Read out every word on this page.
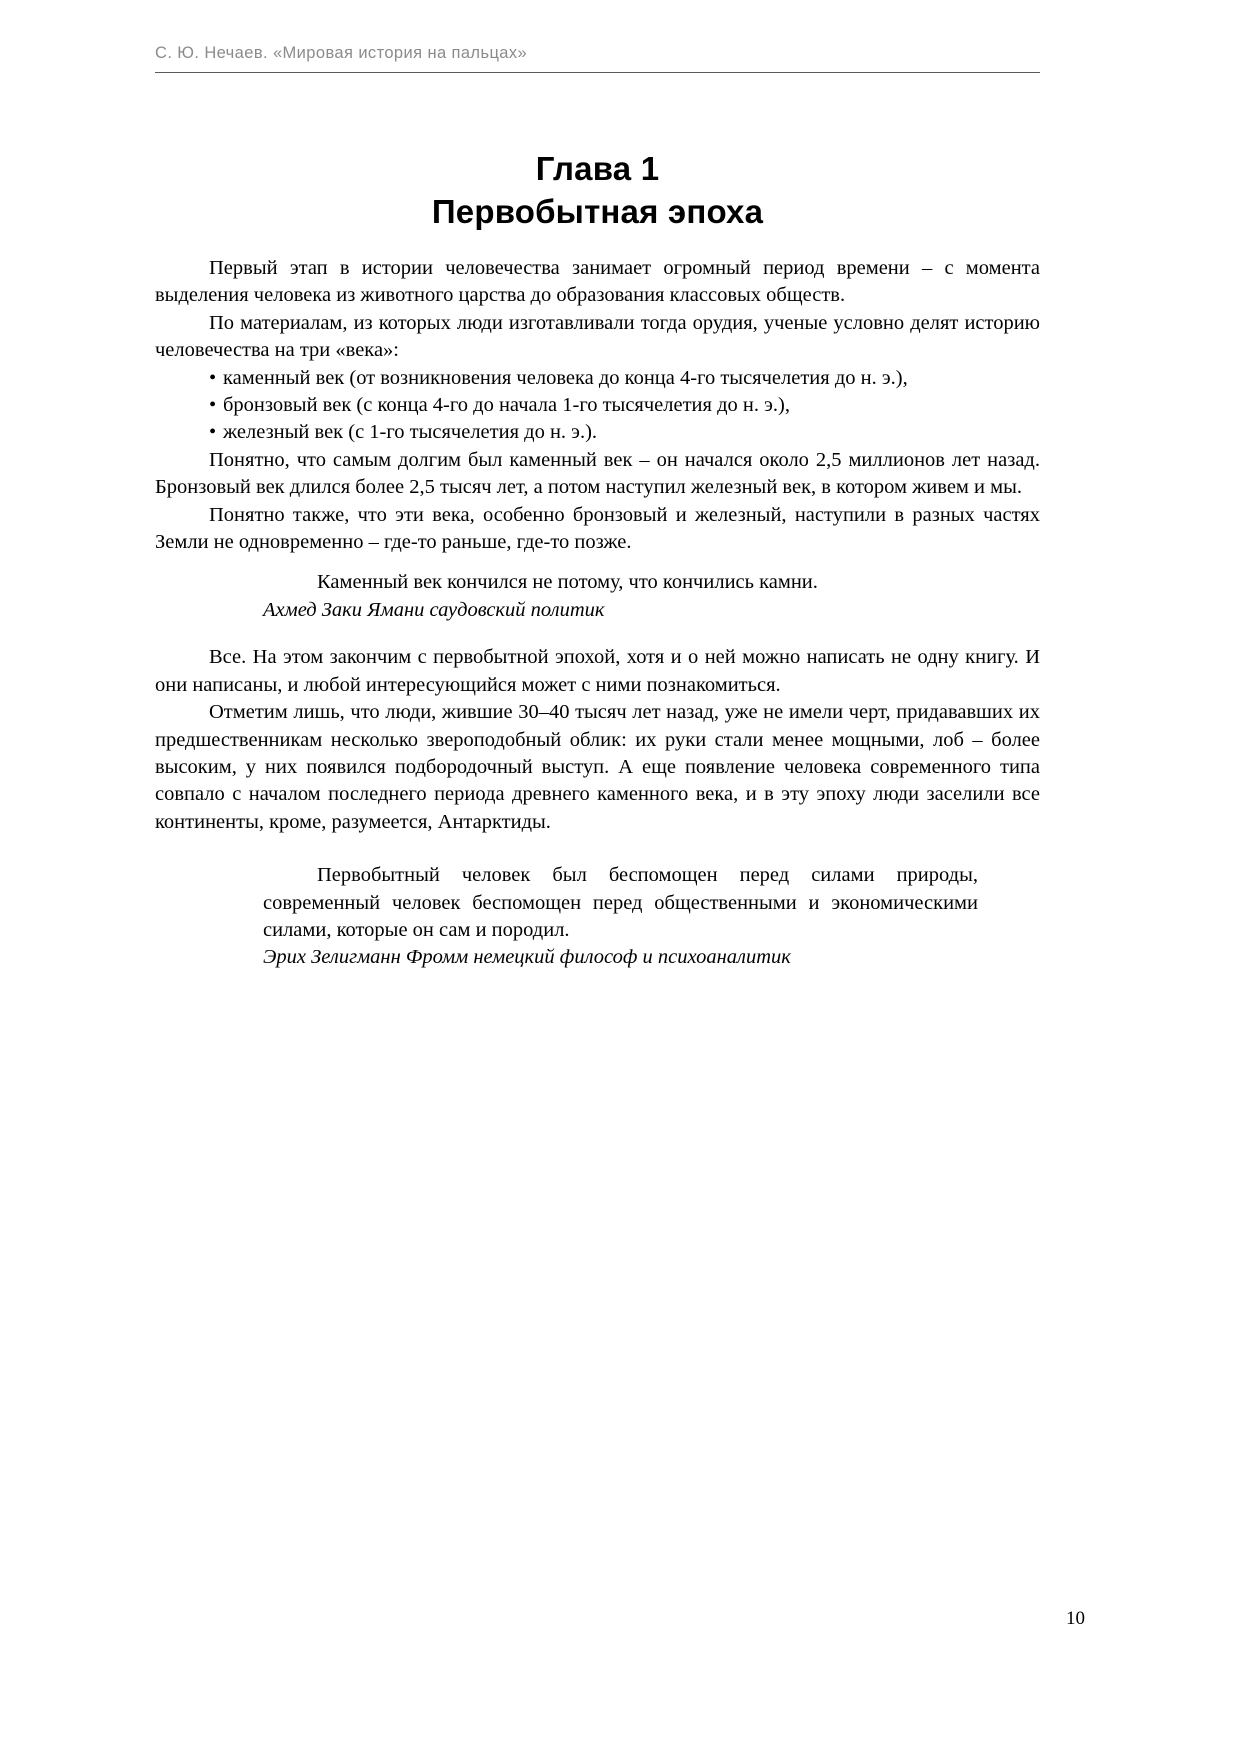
С. Ю. Нечаев. «Мировая история на пальцах»
Глава 1
Первобытная эпоха

Первый этап в истории человечества занимает огромный период времени – с момента выделения человека из животного царства до образования классовых обществ.

По материалам, из которых люди изготавливали тогда орудия, ученые условно делят историю человечества на три «века»:

• каменный век (от возникновения человека до конца 4-го тысячелетия до н. э.),
• бронзовый век (с конца 4-го до начала 1-го тысячелетия до н. э.),
• железный век (с 1-го тысячелетия до н. э.).

Понятно, что самым долгим был каменный век – он начался около 2,5 миллионов лет назад. Бронзовый век длился более 2,5 тысяч лет, а потом наступил железный век, в котором живем и мы.

Понятно также, что эти века, особенно бронзовый и железный, наступили в разных частях Земли не одновременно – где-то раньше, где-то позже.

Каменный век кончился не потому, что кончились камни.

Ахмед Заки Ямани саудовский политик

Все. На этом закончим с первобытной эпохой, хотя и о ней можно написать не одну книгу. И они написаны, и любой интересующийся может с ними познакомиться.

Отметим лишь, что люди, жившие 30–40 тысяч лет назад, уже не имели черт, придававших их предшественникам несколько звероподобный облик: их руки стали менее мощными, лоб – более высоким, у них появился подбородочный выступ. А еще появление человека современного типа совпало с началом последнего периода древнего каменного века, и в эту эпоху люди заселили все континенты, кроме, разумеется, Антарктиды.

Первобытный человек был беспомощен перед силами природы, современный человек беспомощен перед общественными и экономическими силами, которые он сам и породил.

Эрих Зелигманн Фромм немецкий философ и психоаналитик

10
